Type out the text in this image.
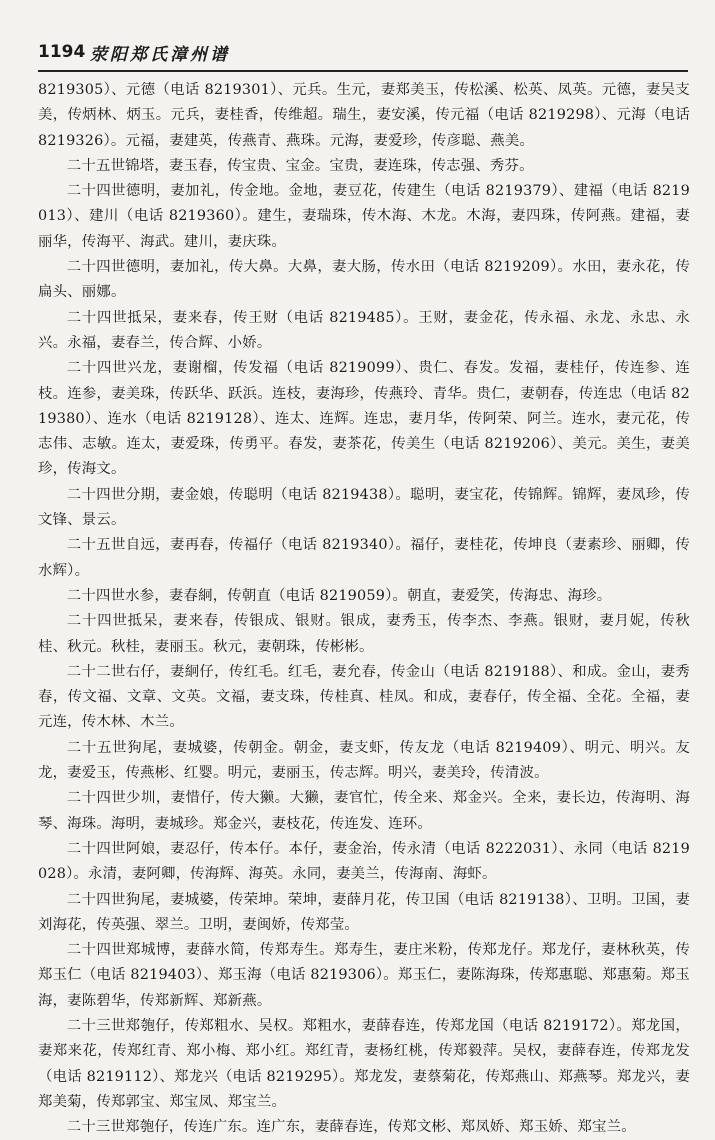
1194 荥阳郑氏漳州谱

8219305）、元德（电话 8219301）、元兵。生元，妻郑美玉，传松溪、松英、凤英。元德，妻吴支美，传炳林、炳玉。元兵，妻桂香，传维超。瑞生，妻安溪，传元福（电话 8219298）、元海（电话 8219326）。元福，妻建英，传燕青、燕珠。元海，妻爱珍，传彦聪、燕美。

二十五世锦塔，妻玉春，传宝贵、宝金。宝贵，妻连珠，传志强、秀芬。

二十四世德明，妻加礼，传金地。金地，妻豆花，传建生（电话 8219379）、建福（电话 8219013）、建川（电话 8219360）。建生，妻瑞珠，传木海、木龙。木海，妻四珠，传阿燕。建福，妻丽华，传海平、海武。建川，妻庆珠。

二十四世德明，妻加礼，传大鼻。大鼻，妻大肠，传水田（电话 8219209）。水田，妻永花，传扁头、丽娜。

二十四世抵呆，妻来春，传王财（电话 8219485）。王财，妻金花，传永福、永龙、永忠、永兴。永福，妻春兰，传合辉、小娇。

二十四世兴龙，妻谢榴，传发福（电话 8219099）、贵仁、春发。发福，妻桂仔，传连参、连枝。连参，妻美珠，传跃华、跃浜。连枝，妻海珍，传燕玲、青华。贵仁，妻朝春，传连忠（电话 8219380）、连水（电话 8219128）、连太、连辉。连忠，妻月华，传阿荣、阿兰。连水，妻元花，传志伟、志敏。连太，妻爱珠，传勇平。春发，妻茶花，传美生（电话 8219206）、美元。美生，妻美珍，传海文。

二十四世分期，妻金娘，传聪明（电话 8219438）。聪明，妻宝花，传锦辉。锦辉，妻凤珍，传文锋、景云。

二十五世自远，妻再春，传福仔（电话 8219340）。福仔，妻桂花，传坤良（妻素珍、丽卿，传水辉）。

二十四世水参，妻春絅，传朝直（电话 8219059）。朝直，妻爱笑，传海忠、海珍。

二十四世抵呆，妻来春，传银成、银财。银成，妻秀玉，传李杰、李燕。银财，妻月妮，传秋桂、秋元。秋桂，妻丽玉。秋元，妻朝珠，传彬彬。

二十二世右仔，妻絅仔，传红毛。红毛，妻允春，传金山（电话 8219188）、和成。金山，妻秀春，传文福、文章、文英。文福，妻支珠，传桂真、桂凤。和成，妻春仔，传全福、全花。全福，妻元连，传木林、木兰。

二十五世狗尾，妻城婆，传朝金。朝金，妻支虾，传友龙（电话 8219409）、明元、明兴。友龙，妻爱玉，传燕彬、红婴。明元，妻丽玉，传志辉。明兴，妻美玲，传清波。

二十四世少圳，妻惜仔，传大獭。大獭，妻官忙，传全来、郑金兴。全来，妻长边，传海明、海琴、海珠。海明，妻城珍。郑金兴，妻枝花，传连发、连环。

二十四世阿娘，妻忍仔，传本仔。本仔，妻金治，传永清（电话 8222031）、永同（电话 8219028）。永清，妻阿卿，传海辉、海英。永同，妻美兰，传海南、海虾。

二十四世狗尾，妻城婆，传荣坤。荣坤，妻薛月花，传卫国（电话 8219138）、卫明。卫国，妻刘海花，传英强、翠兰。卫明，妻闽娇，传郑莹。

二十四世郑城博，妻薛水简，传郑寿生。郑寿生，妻庄米粉，传郑龙仔。郑龙仔，妻林秋英，传郑玉仁（电话 8219403）、郑玉海（电话 8219306）。郑玉仁，妻陈海珠，传郑惠聪、郑惠菊。郑玉海，妻陈碧华，传郑新辉、郑新燕。

二十三世郑匏仔，传郑粗水、吴权。郑粗水，妻薛春连，传郑龙国（电话 8219172）。郑龙国，妻郑来花，传郑红青、郑小梅、郑小红。郑红青，妻杨红桃，传郑毅萍。吴权，妻薛春连，传郑龙发（电话 8219112）、郑龙兴（电话 8219295）。郑龙发，妻蔡菊花，传郑燕山、郑燕琴。郑龙兴，妻郑美菊，传郑郭宝、郑宝凤、郑宝兰。

二十三世郑匏仔，传连广东。连广东，妻薛春连，传郑文彬、郑凤娇、郑玉娇、郑宝兰。
